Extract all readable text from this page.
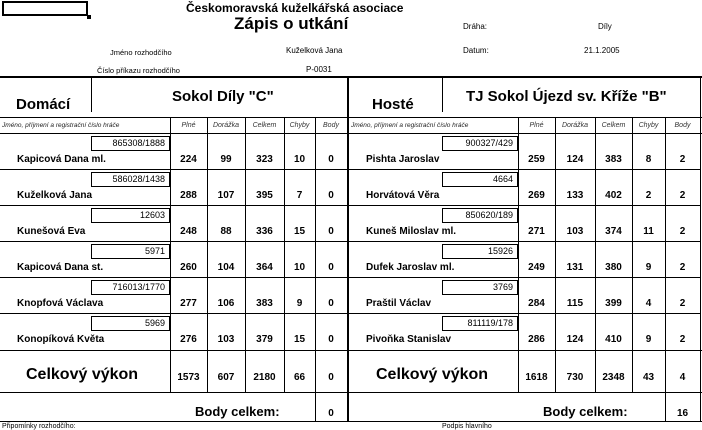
Českomoravská kuželkářská asociace
Zápis o utkání	Dráha:	Díly
Jméno rozhodčího	Kuželková Jana	Datum:	21.1.2005
Číslo příkazu rozhodčího	P-0031
Domácí	Sokol Díly "C"	Hosté	TJ Sokol Újezd sv. Kříže "B"
Jméno, příjmení a registrační číslo hráče	Plné	Dorážka	Celkem	Chyby	Body	Jméno, příjmení a registrační číslo hráče	Plné	Dorážka	Celkem	Chyby	Body
865308/1888
Kapicová Dana ml.	224	99	323	10	0
586028/1438
Kuželková Jana	288	107	395	7	0
12603
Kunešová Eva	248	88	336	15	0
5971
Kapicová Dana st.	260	104	364	10	0
716013/1770
Knopfová Václava	277	106	383	9	0
5969
Konopíková Květa	276	103	379	15	0
900327/429
Pishta Jaroslav	259	124	383	8	2
4664
Horvátová Věra	269	133	402	2	2
850620/189
Kuneš Miloslav ml.	271	103	374	11	2
15926
Dufek Jaroslav ml.	249	131	380	9	2
3769
Praštil Václav	284	115	399	4	2
811119/178
Pivoňka Stanislav	286	124	410	9	2
Celkový výkon	1573	607	2180	66	0	Celkový výkon	1618	730	2348	43	4
Body celkem:	0	Body celkem:	16
Připomínky rozhodčího:	Podpis hlavního
